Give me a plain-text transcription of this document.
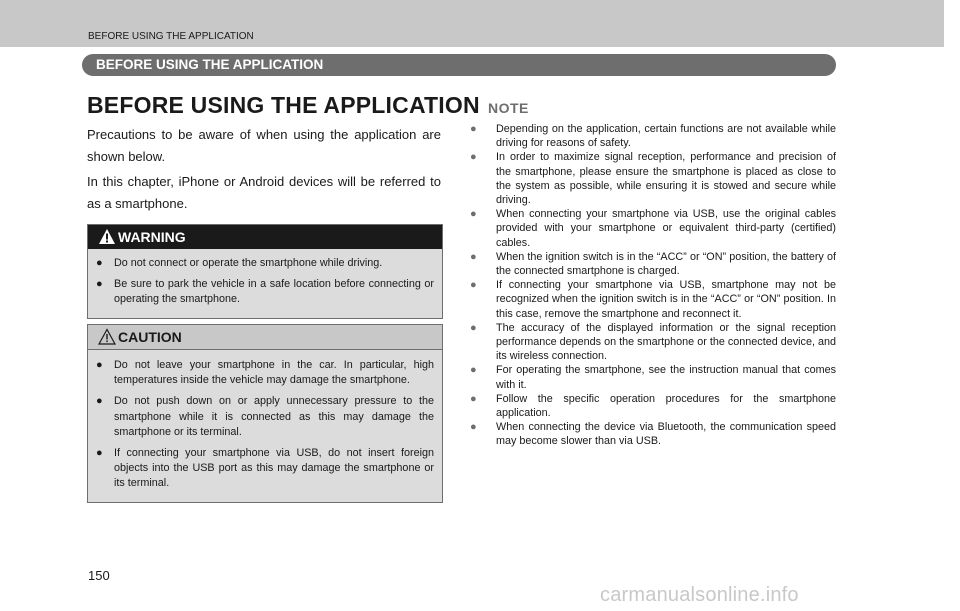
BEFORE USING THE APPLICATION
BEFORE USING THE APPLICATION
BEFORE USING THE APPLICATION

Precautions to be aware of when using the application are shown below.

In this chapter, iPhone or Android devices will be referred to as a smartphone.

WARNING
● Do not connect or operate the smartphone while driving.
● Be sure to park the vehicle in a safe location before connecting or operating the smartphone.
CAUTION
● Do not leave your smartphone in the car. In particular, high temperatures inside the vehicle may damage the smartphone.
● Do not push down on or apply unnecessary pressure to the smartphone while it is connected as this may damage the smartphone or its terminal.
● If connecting your smartphone via USB, do not insert foreign objects into the USB port as this may damage the smartphone or its terminal.
NOTE
● Depending on the application, certain functions are not available while driving for reasons of safety.
● In order to maximize signal reception, performance and precision of the smartphone, please ensure the smartphone is placed as close to the system as possible, while ensuring it is stowed and secure while driving.
● When connecting your smartphone via USB, use the original cables provided with your smartphone or equivalent third-party (certified) cables.
● When the ignition switch is in the “ACC” or “ON” position, the battery of the connected smartphone is charged.
● If connecting your smartphone via USB, smartphone may not be recognized when the ignition switch is in the “ACC” or “ON” position. In this case, remove the smartphone and reconnect it.
● The accuracy of the displayed information or the signal reception performance depends on the smartphone or the connected device, and its wireless connection.
● For operating the smartphone, see the instruction manual that comes with it.
● Follow the specific operation procedures for the smartphone application.
● When connecting the device via Bluetooth, the communication speed may become slower than via USB.
150
carmanualsonline.info
